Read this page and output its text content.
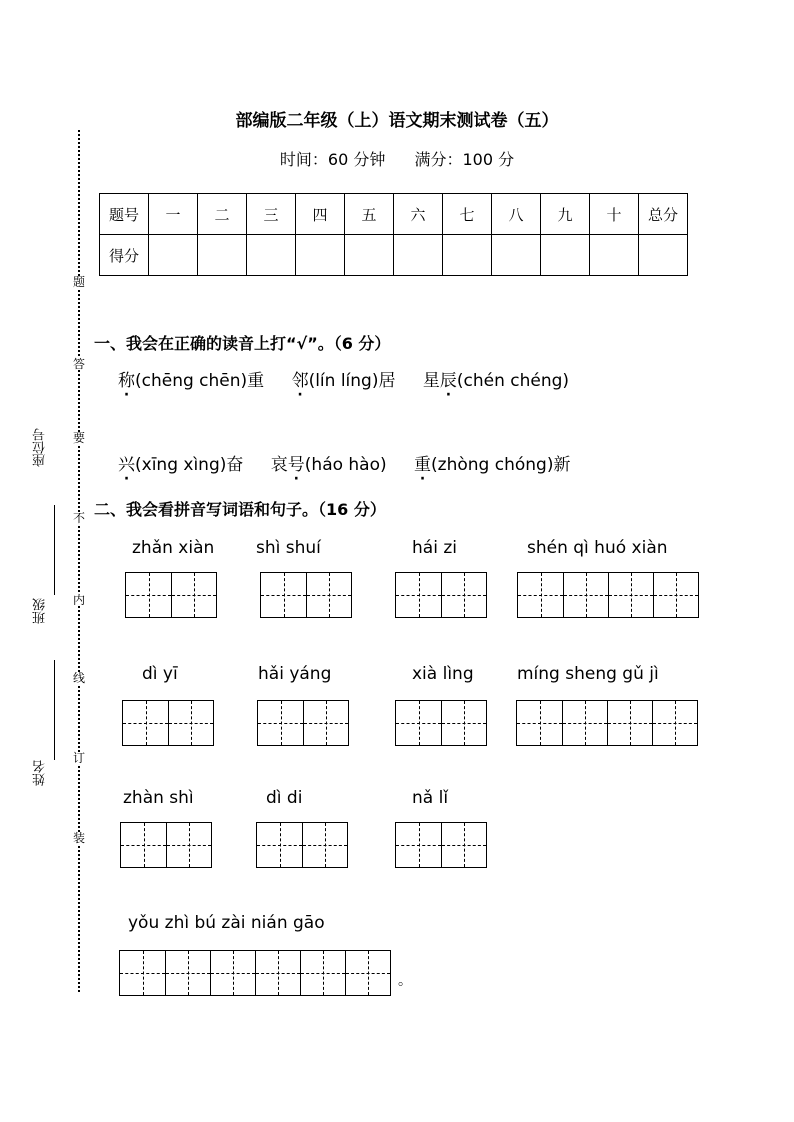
题
答
要
不
内
线
订
装
座位号
班级
姓名
部编版二年级（上）语文期末测试卷（五）
时间：60 分钟 满分：100 分
题号	一	二	三	四	五	六	七	八	九	十	总分
得分											
一、我会在正确的读音上打“√”。（6 分）
称(chēng chēn)重 邻(lín líng)居 星辰(chén chéng)
兴(xīng xìng)奋 哀号(háo hào) 重(zhòng chóng)新
二、我会看拼音写词语和句子。（16 分）
zhǎn xiàn shì shuí	hái zi	shén qì huó xiàn
dì yī	hǎi yáng	xià lìng	míng sheng gǔ jì
zhàn shì	dì di	nǎ lǐ
yǒu zhì bú zài nián gāo
。
